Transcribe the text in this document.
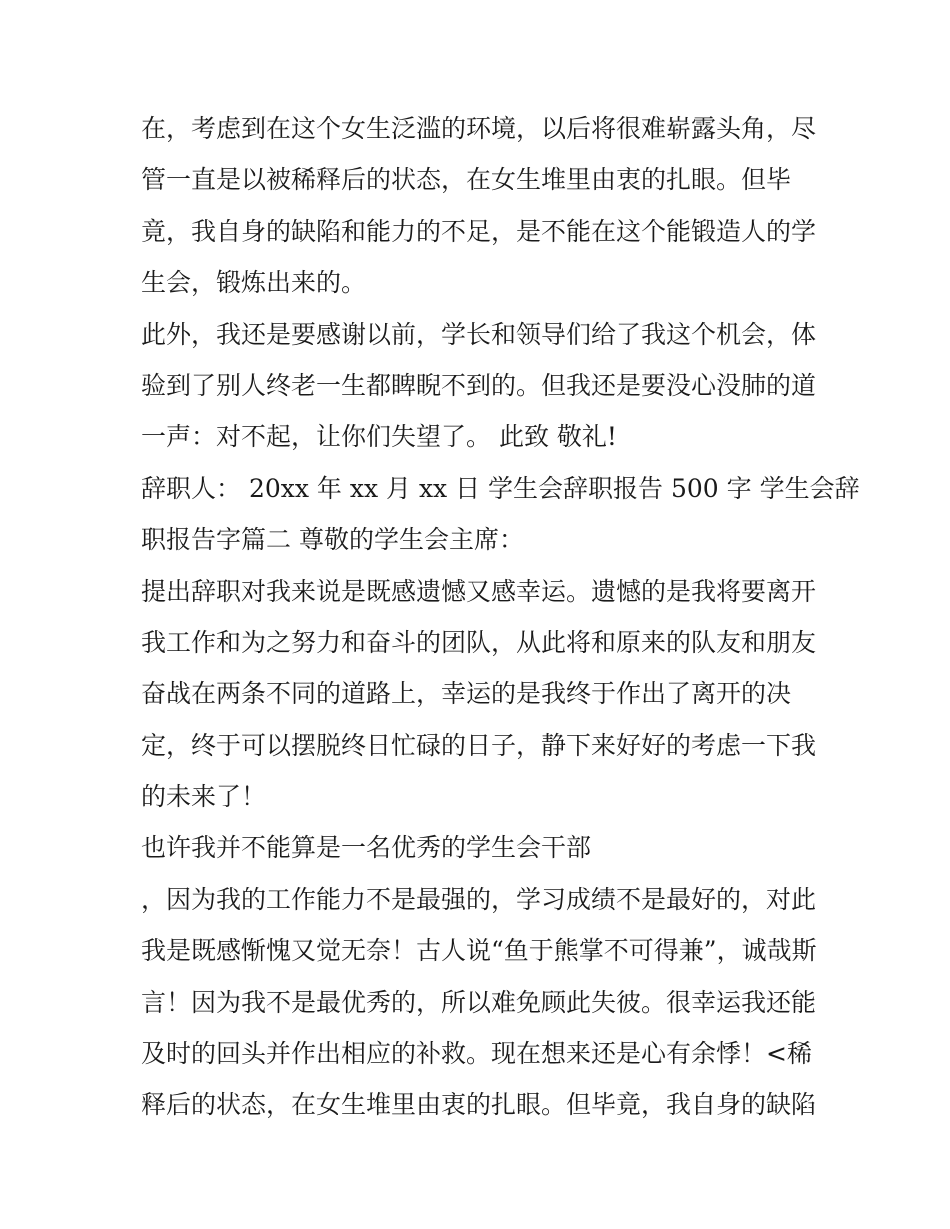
在，考虑到在这个女生泛滥的环境，以后将很难崭露头角，尽
管一直是以被稀释后的状态，在女生堆里由衷的扎眼。但毕
竟，我自身的缺陷和能力的不足，是不能在这个能锻造人的学
生会，锻炼出来的。
此外，我还是要感谢以前，学长和领导们给了我这个机会，体
验到了别人终老一生都睥睨不到的。但我还是要没心没肺的道
一声：对不起，让你们失望了。 此致 敬礼!
辞职人： 20xx 年 xx 月 xx 日 学生会辞职报告 500 字 学生会辞
职报告字篇二 尊敬的学生会主席：
提出辞职对我来说是既感遗憾又感幸运。遗憾的是我将要离开
我工作和为之努力和奋斗的团队，从此将和原来的队友和朋友
奋战在两条不同的道路上，幸运的是我终于作出了离开的决
定，终于可以摆脱终日忙碌的日子，静下来好好的考虑一下我
的未来了！
也许我并不能算是一名优秀的学生会干部
，因为我的工作能力不是最强的，学习成绩不是最好的，对此
我是既感惭愧又觉无奈！古人说“鱼于熊掌不可得兼”，诚哉斯
言！因为我不是最优秀的，所以难免顾此失彼。很幸运我还能
及时的回头并作出相应的补救。现在想来还是心有余悸！<稀
释后的状态，在女生堆里由衷的扎眼。但毕竟，我自身的缺陷
